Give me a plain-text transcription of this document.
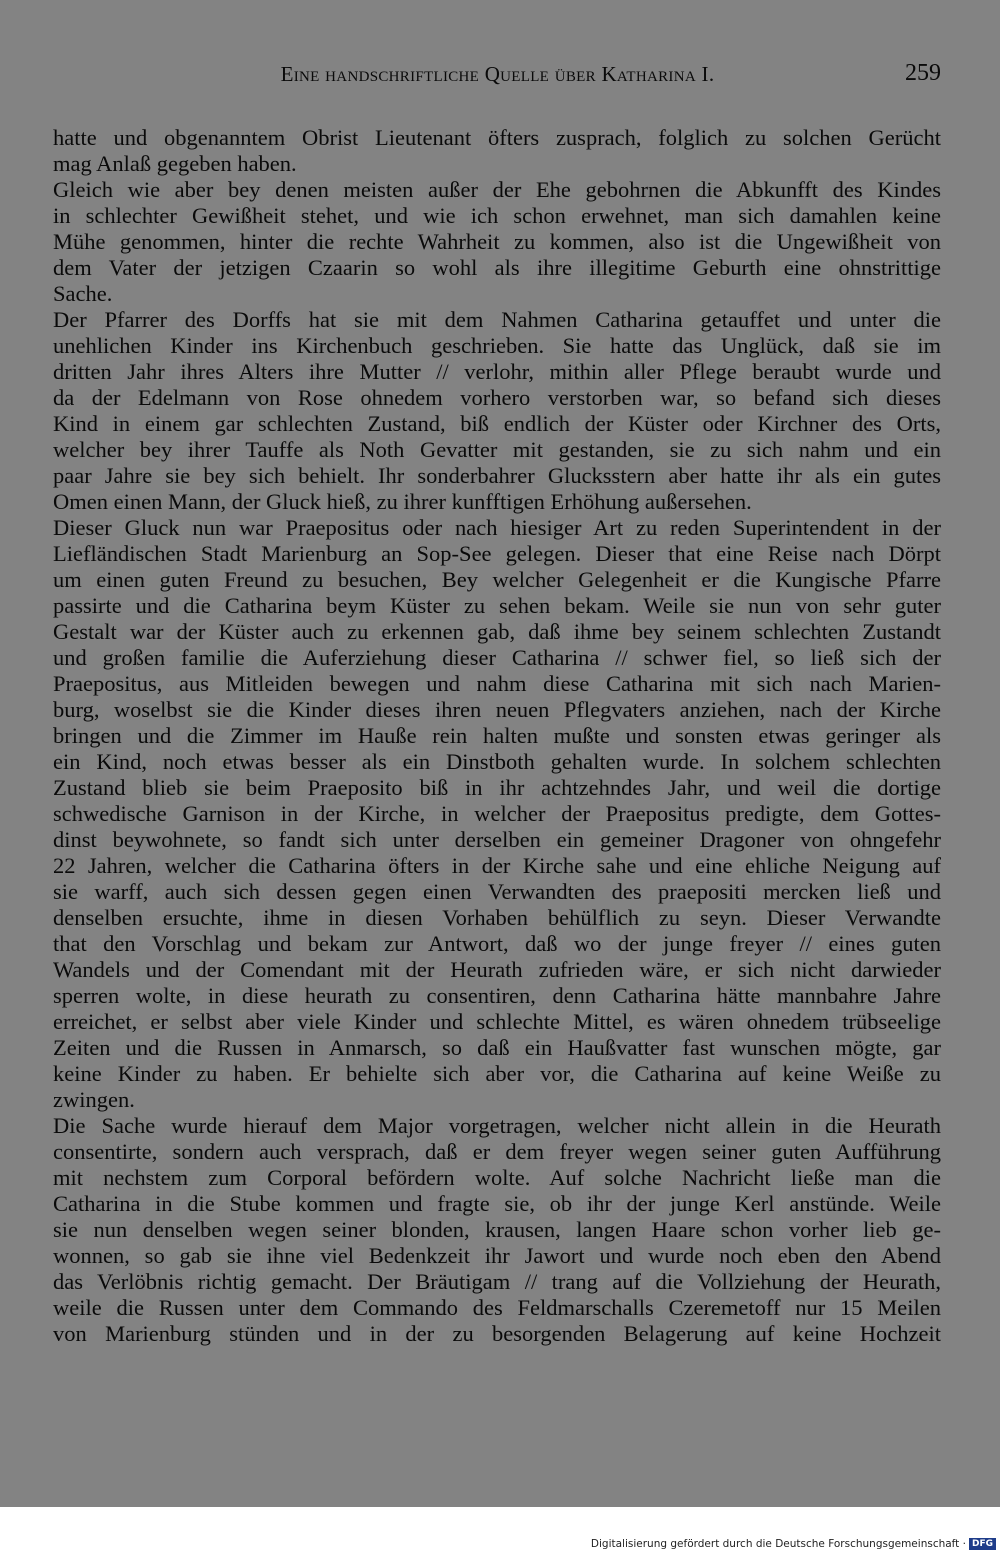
Eine handschriftliche Quelle über Katharina I.	259
hatte und obgenanntem Obrist Lieutenant öfters zusprach, folglich zu solchen Gerücht
mag Anlaß gegeben haben.
Gleich wie aber bey denen meisten außer der Ehe gebohrnen die Abkunfft des Kindes
in schlechter Gewißheit stehet, und wie ich schon erwehnet, man sich damahlen keine
Mühe genommen, hinter die rechte Wahrheit zu kommen, also ist die Ungewißheit von
dem Vater der jetzigen Czaarin so wohl als ihre illegitime Geburth eine ohnstrittige
Sache.
Der Pfarrer des Dorffs hat sie mit dem Nahmen Catharina getauffet und unter die
unehlichen Kinder ins Kirchenbuch geschrieben. Sie hatte das Unglück, daß sie im
dritten Jahr ihres Alters ihre Mutter // verlohr, mithin aller Pflege beraubt wurde und
da der Edelmann von Rose ohnedem vorhero verstorben war, so befand sich dieses
Kind in einem gar schlechten Zustand, biß endlich der Küster oder Kirchner des Orts,
welcher bey ihrer Tauffe als Noth Gevatter mit gestanden, sie zu sich nahm und ein
paar Jahre sie bey sich behielt. Ihr sonderbahrer Glucksstern aber hatte ihr als ein gutes
Omen einen Mann, der Gluck hieß, zu ihrer kunfftigen Erhöhung außersehen.
Dieser Gluck nun war Praepositus oder nach hiesiger Art zu reden Superintendent in der
Liefländischen Stadt Marienburg an Sop-See gelegen. Dieser that eine Reise nach Dörpt
um einen guten Freund zu besuchen, Bey welcher Gelegenheit er die Kungische Pfarre
passirte und die Catharina beym Küster zu sehen bekam. Weile sie nun von sehr guter
Gestalt war der Küster auch zu erkennen gab, daß ihme bey seinem schlechten Zustandt
und großen familie die Auferziehung dieser Catharina // schwer fiel, so ließ sich der
Praepositus, aus Mitleiden bewegen und nahm diese Catharina mit sich nach Marien-
burg, woselbst sie die Kinder dieses ihren neuen Pflegvaters anziehen, nach der Kirche
bringen und die Zimmer im Hauße rein halten mußte und sonsten etwas geringer als
ein Kind, noch etwas besser als ein Dinstboth gehalten wurde. In solchem schlechten
Zustand blieb sie beim Praeposito biß in ihr achtzehndes Jahr, und weil die dortige
schwedische Garnison in der Kirche, in welcher der Praepositus predigte, dem Gottes-
dinst beywohnete, so fandt sich unter derselben ein gemeiner Dragoner von ohngefehr
22 Jahren, welcher die Catharina öfters in der Kirche sahe und eine ehliche Neigung auf
sie warff, auch sich dessen gegen einen Verwandten des praepositi mercken ließ und
denselben ersuchte, ihme in diesen Vorhaben behülflich zu seyn. Dieser Verwandte
that den Vorschlag und bekam zur Antwort, daß wo der junge freyer // eines guten
Wandels und der Comendant mit der Heurath zufrieden wäre, er sich nicht darwieder
sperren wolte, in diese heurath zu consentiren, denn Catharina hätte mannbahre Jahre
erreichet, er selbst aber viele Kinder und schlechte Mittel, es wären ohnedem trübseelige
Zeiten und die Russen in Anmarsch, so daß ein Haußvatter fast wunschen mögte, gar
keine Kinder zu haben. Er behielte sich aber vor, die Catharina auf keine Weiße zu
zwingen.
Die Sache wurde hierauf dem Major vorgetragen, welcher nicht allein in die Heurath
consentirte, sondern auch versprach, daß er dem freyer wegen seiner guten Aufführung
mit nechstem zum Corporal befördern wolte. Auf solche Nachricht ließe man die
Catharina in die Stube kommen und fragte sie, ob ihr der junge Kerl anstünde. Weile
sie nun denselben wegen seiner blonden, krausen, langen Haare schon vorher lieb ge-
wonnen, so gab sie ihne viel Bedenkzeit ihr Jawort und wurde noch eben den Abend
das Verlöbnis richtig gemacht. Der Bräutigam // trang auf die Vollziehung der Heurath,
weile die Russen unter dem Commando des Feldmarschalls Czeremetoff nur 15 Meilen
von Marienburg stünden und in der zu besorgenden Belagerung auf keine Hochzeit
Digitalisierung gefördert durch die Deutsche Forschungsgemeinschaft · DFG
